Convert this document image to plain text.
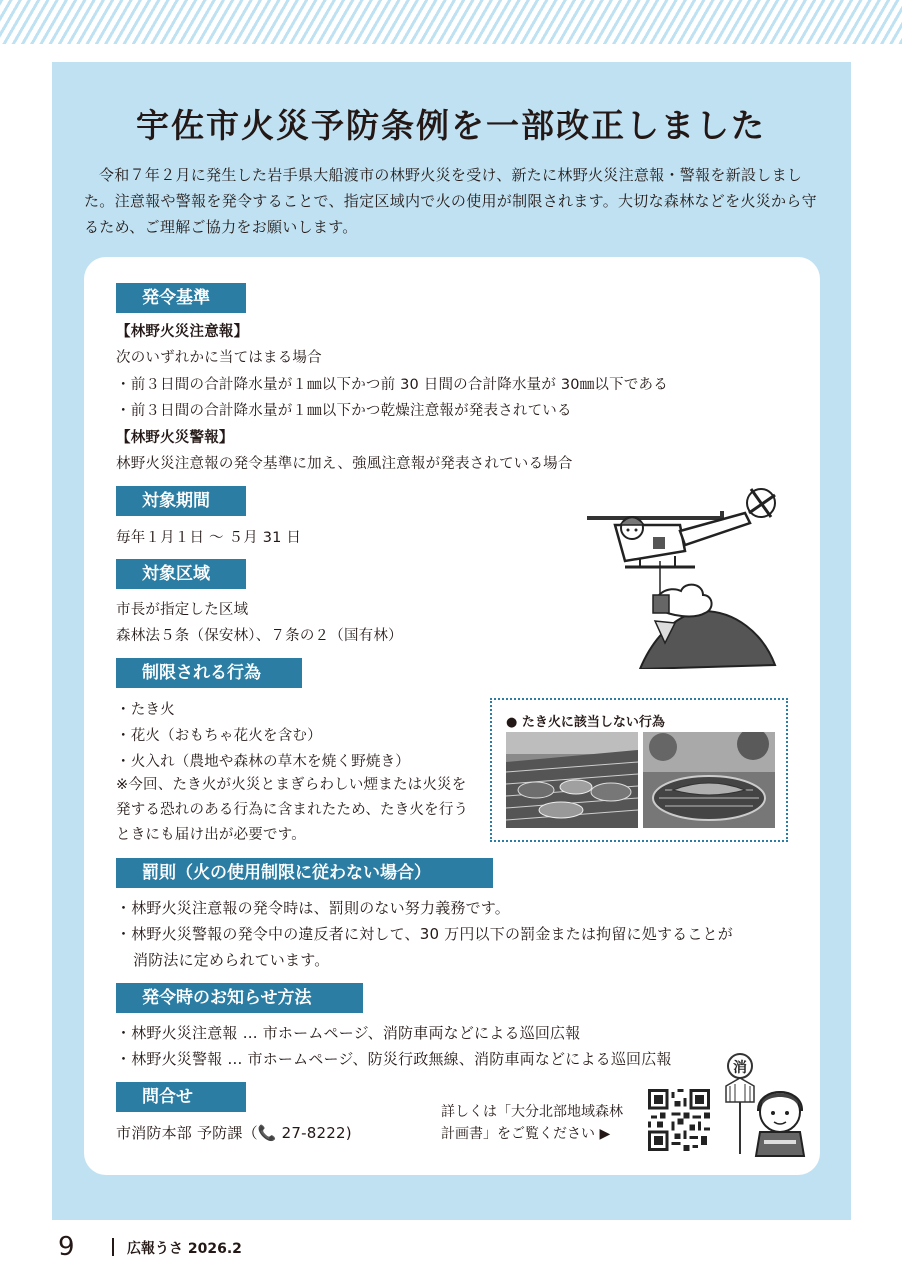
宇佐市火災予防条例を一部改正しました

令和７年２月に発生した岩手県大船渡市の林野火災を受け、新たに林野火災注意報・警報を新設しました。注意報や警報を発令することで、指定区域内で火の使用が制限されます。大切な森林などを火災から守るため、ご理解ご協力をお願いします。

発令基準

【林野火災注意報】

次のいずれかに当てはまる場合

・前３日間の合計降水量が１㎜以下かつ前 30 日間の合計降水量が 30㎜以下である

・前３日間の合計降水量が１㎜以下かつ乾燥注意報が発表されている

【林野火災警報】

林野火災注意報の発令基準に加え、強風注意報が発表されている場合

対象期間

毎年１月１日 〜 ５月 31 日

対象区域

市長が指定した区域

森林法５条（保安林）、７条の２（国有林）

制限される行為

・たき火

・花火（おもちゃ花火を含む）

・火入れ（農地や森林の草木を焼く野焼き）

※今回、たき火が火災とまぎらわしい煙または火災を発する恐れのある行為に含まれたため、たき火を行うときにも届け出が必要です。

● たき火に該当しない行為
罰則（火の使用制限に従わない場合）

・林野火災注意報の発令時は、罰則のない努力義務です。

・林野火災警報の発令中の違反者に対して、30 万円以下の罰金または拘留に処することが

消防法に定められています。

発令時のお知らせ方法

・林野火災注意報 … 市ホームページ、消防車両などによる巡回広報

・林野火災警報 … 市ホームページ、防災行政無線、消防車両などによる巡回広報

問合せ

市消防本部 予防課（📞 27-8222)

詳しくは「大分北部地域森林
計画書」をご覧ください ▶
消
9	広報うさ 2026.2
